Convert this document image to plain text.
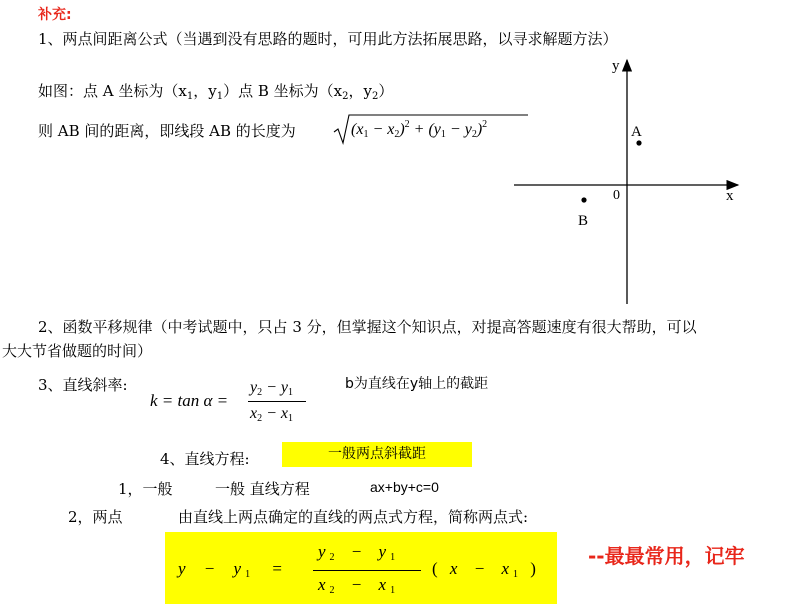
补充:
1、两点间距离公式（当遇到没有思路的题时，可用此方法拓展思路，以寻求解题方法）
如图：点 A 坐标为（$x_1$，$y_1$）点 B 坐标为（$x_2$，$y_2$）
则 AB 间的距离，即线段 AB 的长度为	$(x_1 - x_2)^2 + (y_1 - y_2)^2$
y
x
0
A
B
2、函数平移规律（中考试题中，只占 3 分，但掌握这个知识点，对提高答题速度有很大帮助，可以
大大节省做题的时间）
3、直线斜率:
k = tan α =
$y_2 - y_1$
$x_2 - x_1$
b为直线在y轴上的截距
4、直线方程:	一般两点斜截距
1，一般	一般 直线方程	ax+by+c=0
2，两点	由直线上两点确定的直线的两点式方程，简称两点式:
y − y $_1$ =
y $_2$ − y $_1$
x $_2$ − x $_1$
( x − x $_1$ )
--最最常用，记牢
